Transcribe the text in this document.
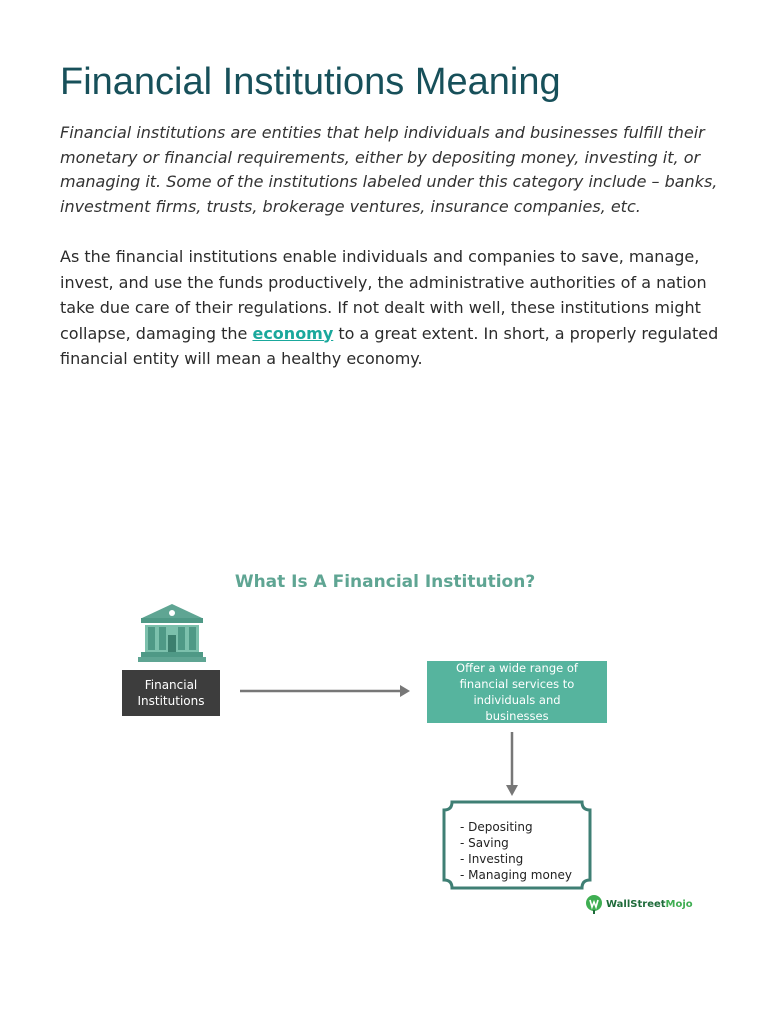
Financial Institutions Meaning

Financial institutions are entities that help individuals and businesses fulfill their monetary or financial requirements, either by depositing money, investing it, or managing it. Some of the institutions labeled under this category include – banks, investment firms, trusts, brokerage ventures, insurance companies, etc.

As the financial institutions enable individuals and companies to save, manage, invest, and use the funds productively, the administrative authorities of a nation take due care of their regulations. If not dealt with well, these institutions might collapse, damaging the economy to a great extent. In short, a properly regulated financial entity will mean a healthy economy.

What Is A Financial Institution?
Financial Institutions
Offer a wide range of financial services to individuals and businesses
- Depositing
- Saving
- Investing
- Managing money
WallStreetMojo
